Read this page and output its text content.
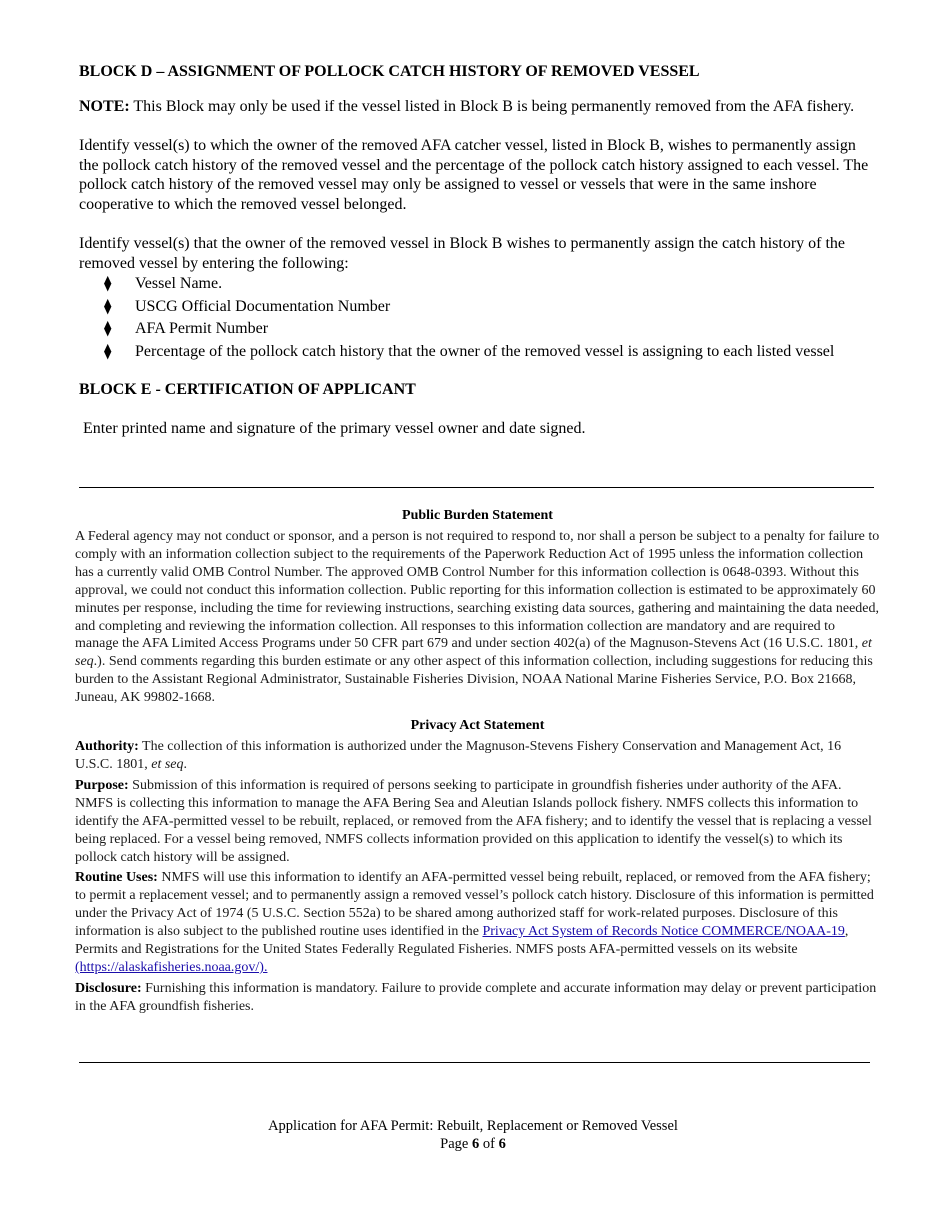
BLOCK D – ASSIGNMENT OF POLLOCK CATCH HISTORY OF REMOVED VESSEL

NOTE: This Block may only be used if the vessel listed in Block B is being permanently removed from the AFA fishery.

Identify vessel(s) to which the owner of the removed AFA catcher vessel, listed in Block B, wishes to permanently assign the pollock catch history of the removed vessel and the percentage of the pollock catch history assigned to each vessel. The pollock catch history of the removed vessel may only be assigned to vessel or vessels that were in the same inshore cooperative to which the removed vessel belonged.

Identify vessel(s) that the owner of the removed vessel in Block B wishes to permanently assign the catch history of the removed vessel by entering the following:

⧫ Vessel Name.
⧫ USCG Official Documentation Number
⧫ AFA Permit Number
⧫ Percentage of the pollock catch history that the owner of the removed vessel is assigning to each listed vessel
BLOCK E - CERTIFICATION OF APPLICANT

Enter printed name and signature of the primary vessel owner and date signed.

Public Burden Statement

A Federal agency may not conduct or sponsor, and a person is not required to respond to, nor shall a person be subject to a penalty for failure to comply with an information collection subject to the requirements of the Paperwork Reduction Act of 1995 unless the information collection has a currently valid OMB Control Number. The approved OMB Control Number for this information collection is 0648-0393. Without this approval, we could not conduct this information collection. Public reporting for this information collection is estimated to be approximately 60 minutes per response, including the time for reviewing instructions, searching existing data sources, gathering and maintaining the data needed, and completing and reviewing the information collection. All responses to this information collection are mandatory and are required to manage the AFA Limited Access Programs under 50 CFR part 679 and under section 402(a) of the Magnuson-Stevens Act (16 U.S.C. 1801, et seq.). Send comments regarding this burden estimate or any other aspect of this information collection, including suggestions for reducing this burden to the Assistant Regional Administrator, Sustainable Fisheries Division, NOAA National Marine Fisheries Service, P.O. Box 21668, Juneau, AK 99802-1668.

Privacy Act Statement

Authority: The collection of this information is authorized under the Magnuson-Stevens Fishery Conservation and Management Act, 16 U.S.C. 1801, et seq.

Purpose: Submission of this information is required of persons seeking to participate in groundfish fisheries under authority of the AFA. NMFS is collecting this information to manage the AFA Bering Sea and Aleutian Islands pollock fishery. NMFS collects this information to identify the AFA-permitted vessel to be rebuilt, replaced, or removed from the AFA fishery; and to identify the vessel that is replacing a vessel being replaced. For a vessel being removed, NMFS collects information provided on this application to identify the vessel(s) to which its pollock catch history will be assigned.

Routine Uses: NMFS will use this information to identify an AFA-permitted vessel being rebuilt, replaced, or removed from the AFA fishery; to permit a replacement vessel; and to permanently assign a removed vessel’s pollock catch history. Disclosure of this information is permitted under the Privacy Act of 1974 (5 U.S.C. Section 552a) to be shared among authorized staff for work-related purposes. Disclosure of this information is also subject to the published routine uses identified in the Privacy Act System of Records Notice COMMERCE/NOAA-19, Permits and Registrations for the United States Federally Regulated Fisheries. NMFS posts AFA-permitted vessels on its website (https://alaskafisheries.noaa.gov/).

Disclosure: Furnishing this information is mandatory. Failure to provide complete and accurate information may delay or prevent participation in the AFA groundfish fisheries.

Application for AFA Permit: Rebuilt, Replacement or Removed Vessel
Page 6 of 6
